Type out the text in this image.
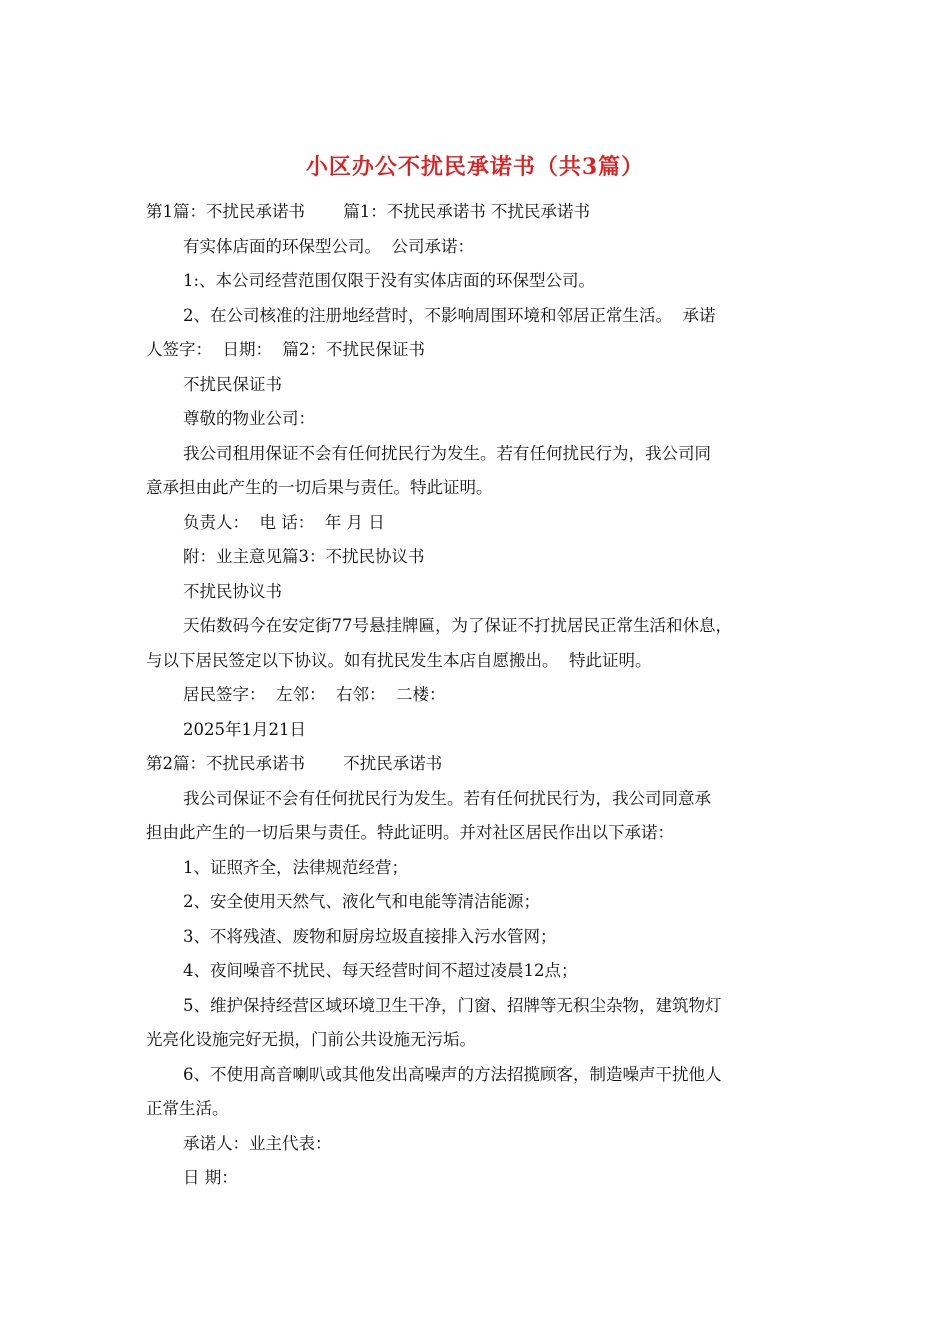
小区办公不扰民承诺书（共3篇）
第1篇：不扰民承诺书　　 篇1：不扰民承诺书 不扰民承诺书
有实体店面的环保型公司。  公司承诺：
1:、本公司经营范围仅限于没有实体店面的环保型公司。
2、在公司核准的注册地经营时，不影响周围环境和邻居正常生活。  承诺
人签字：  日期：  篇2：不扰民保证书
不扰民保证书
尊敬的物业公司：
我公司租用保证不会有任何扰民行为发生。若有任何扰民行为，我公司同
意承担由此产生的一切后果与责任。特此证明。
负责人：  电 话：  年 月 日
附：业主意见篇3：不扰民协议书
不扰民协议书
天佑数码今在安定街77号悬挂牌匾，为了保证不打扰居民正常生活和休息，
与以下居民签定以下协议。如有扰民发生本店自愿搬出。  特此证明。
居民签字：  左邻：  右邻：  二楼：
2025年1月21日
第2篇：不扰民承诺书　　 不扰民承诺书
我公司保证不会有任何扰民行为发生。若有任何扰民行为，我公司同意承
担由此产生的一切后果与责任。特此证明。并对社区居民作出以下承诺：
1、证照齐全，法律规范经营；
2、安全使用天然气、液化气和电能等清洁能源；
3、不将残渣、废物和厨房垃圾直接排入污水管网；
4、夜间噪音不扰民、每天经营时间不超过凌晨12点；
5、维护保持经营区域环境卫生干净，门窗、招牌等无积尘杂物，建筑物灯
光亮化设施完好无损，门前公共设施无污垢。
6、不使用高音喇叭或其他发出高噪声的方法招揽顾客，制造噪声干扰他人
正常生活。
承诺人：业主代表：
日 期：
